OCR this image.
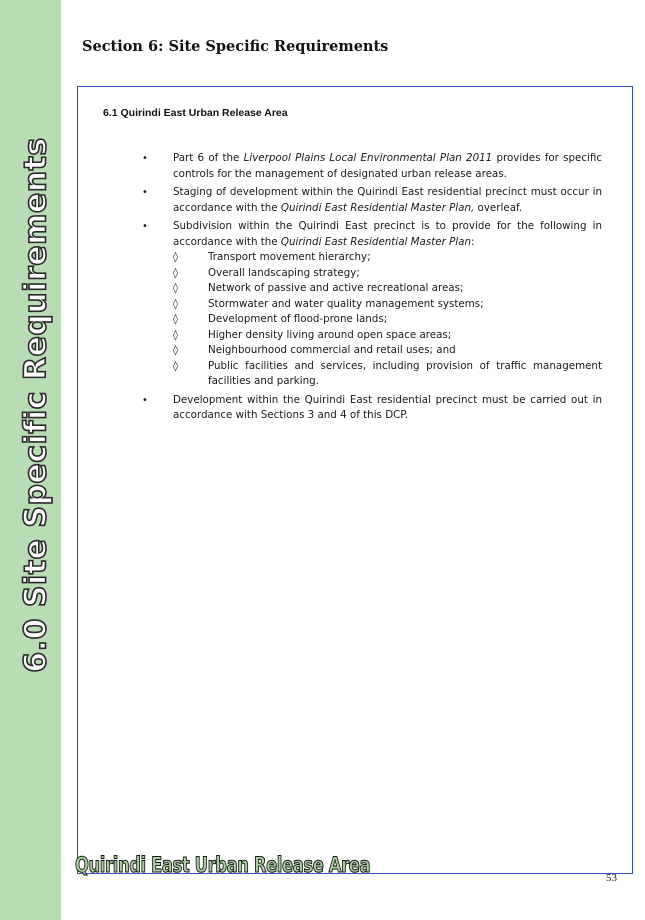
6.0 Site Specific Requirements
Section 6: Site Specific Requirements
6.1 Quirindi East Urban Release Area
• Part 6 of the Liverpool Plains Local Environmental Plan 2011 provides for specific controls for the management of designated urban release areas.
• Staging of development within the Quirindi East residential precinct must occur in accordance with the Quirindi East Residential Master Plan, overleaf.
• Subdivision within the Quirindi East precinct is to provide for the following in accordance with the Quirindi East Residential Master Plan:
◊	Transport movement hierarchy;
◊	Overall landscaping strategy;
◊	Network of passive and active recreational areas;
◊	Stormwater and water quality management systems;
◊	Development of flood-prone lands;
◊	Higher density living around open space areas;
◊	Neighbourhood commercial and retail uses; and
◊	Public facilities and services, including provision of traffic management facilities and parking.
• Development within the Quirindi East residential precinct must be carried out in accordance with Sections 3 and 4 of this DCP.
Quirindi East Urban Release Area
53
